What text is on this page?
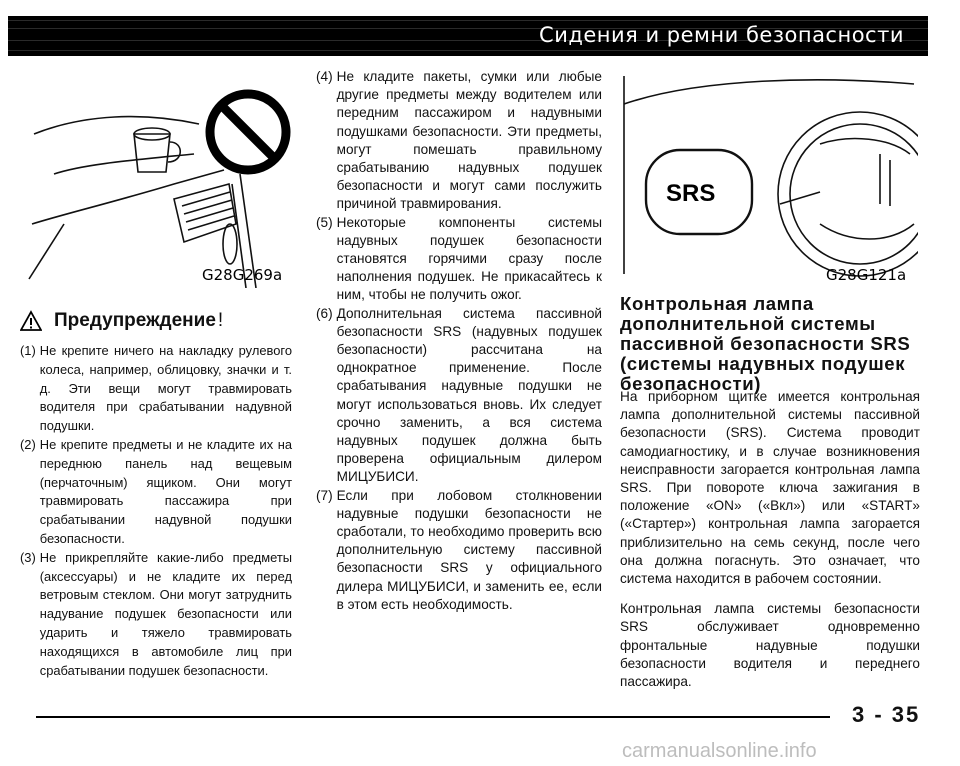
Сидения и ремни безопасности
G28G269a
Предупреждение !
(1) Не крепите ничего на накладку рулевого колеса, например, облицовку, значки и т. д. Эти вещи могут травмировать водителя при срабатывании надувной подушки.
(2) Не крепите предметы и не кладите их на переднюю панель над вещевым (перчаточным) ящиком. Они могут травмировать пассажира при срабатывании надувной подушки безопасности.
(3) Не прикрепляйте какие-либо предметы (аксессуары) и не кладите их перед ветровым стеклом. Они могут затруднить надувание подушек безопасности или ударить и тяжело травмировать находящихся в автомобиле лиц при срабатывании подушек безопасности.
(4) Не кладите пакеты, сумки или любые другие предметы между водителем или передним пассажиром и надувными подушками безопасности. Эти предметы, могут помешать правильному срабатыванию надувных подушек безопасности и могут сами послужить причиной травмирования.
(5) Некоторые компоненты системы надувных подушек безопасности становятся горячими сразу после наполнения подушек. Не прикасайтесь к ним, чтобы не получить ожог.
(6) Дополнительная система пассивной безопасности SRS (надувных подушек безопасности) рассчитана на однократное применение. После срабатывания надувные подушки не могут использоваться вновь. Их следует срочно заменить, а вся система надувных подушек должна быть проверена официальным дилером МИЦУБИСИ.
(7) Если при лобовом столкновении надувные подушки безопасности не сработали, то необходимо проверить всю дополнительную систему пассивной безопасности SRS у официального дилера МИЦУБИСИ, и заменить ее, если в этом есть необходимость.
SRS
G28G121a
Контрольная лампа дополнительной системы пассивной безопасности SRS (системы надувных подушек безопасности)

На приборном щитке имеется контрольная лампа дополнительной системы пассивной безопасности (SRS). Система проводит самодиагностику, и в случае возникновения неисправности загорается контрольная лампа SRS. При повороте ключа зажигания в положение «ON» («Вкл») или «START» («Стартер») контрольная лампа загорается приблизительно на семь секунд, после чего она должна погаснуть. Это означает, что система находится в рабочем состоянии.

Контрольная лампа системы безопасности SRS обслуживает одновременно фронтальные надувные подушки безопасности водителя и переднего пассажира.

3 - 35
carmanualsonline.info
